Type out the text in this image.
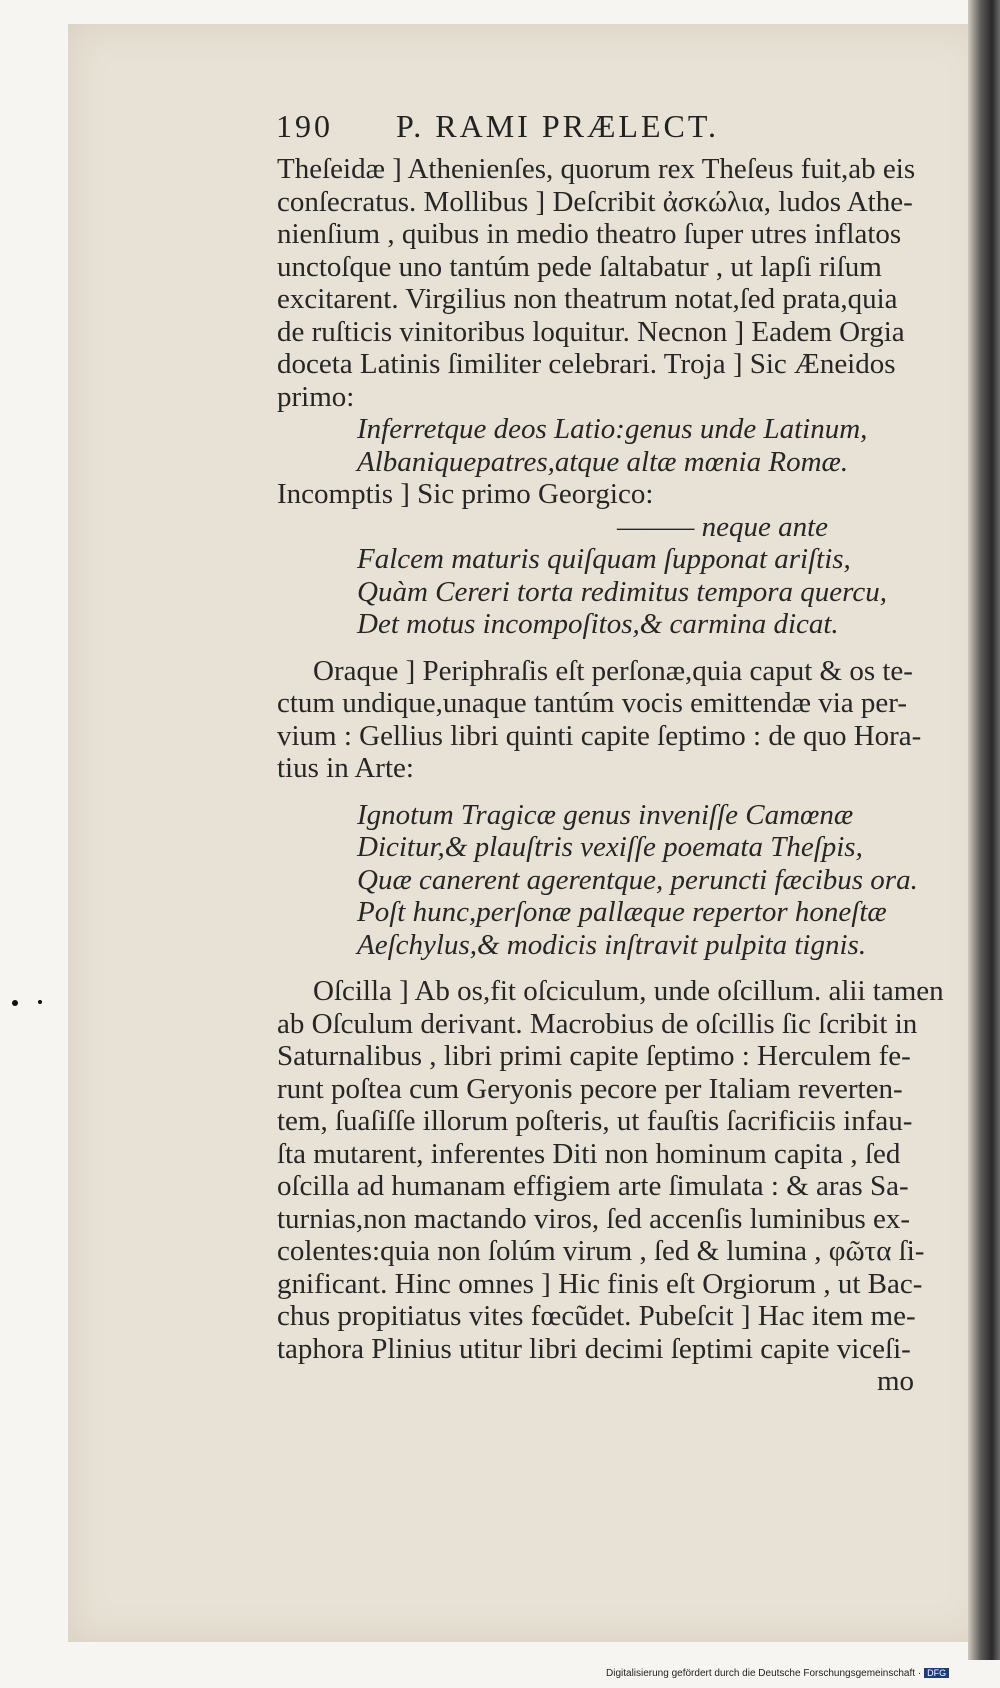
190 P. RAMI PRÆLECT.
Theſeidæ ] Athenienſes, quorum rex Theſeus fuit,ab eis
conſecratus. Mollibus ] Deſcribit ἀσκώλια, ludos Athe-
nienſium , quibus in medio theatro ſuper utres inflatos
unctoſque uno tantúm pede ſaltabatur , ut lapſi riſum
excitarent. Virgilius non theatrum notat,ſed prata,quia
de ruſticis vinitoribus loquitur. Necnon ] Eadem Orgia
doceta Latinis ſimiliter celebrari. Troja ] Sic Æneidos
primo:
Inferretque deos Latio:genus unde Latinum,
Albaniquepatres,atque altæ mœnia Romæ.
Incomptis ] Sic primo Georgico:
——— neque ante
Falcem maturis quiſquam ſupponat ariſtis,
Quàm Cereri torta redimitus tempora quercu,
Det motus incompoſitos,& carmina dicat.
Oraque ] Periphraſis eſt perſonæ,quia caput & os te-
ctum undique,unaque tantúm vocis emittendæ via per-
vium : Gellius libri quinti capite ſeptimo : de quo Hora-
tius in Arte:
Ignotum Tragicæ genus inveniſſe Camœnæ
Dicitur,& plauſtris vexiſſe poemata Theſpis,
Quæ canerent agerentque, peruncti fæcibus ora.
Poſt hunc,perſonæ pallæque repertor honeſtæ
Aeſchylus,& modicis inſtravit pulpita tignis.
Oſcilla ] Ab os,fit oſciculum, unde oſcillum. alii tamen
ab Oſculum derivant. Macrobius de oſcillis ſic ſcribit in
Saturnalibus , libri primi capite ſeptimo : Herculem fe-
runt poſtea cum Geryonis pecore per Italiam reverten-
tem, ſuaſiſſe illorum poſteris, ut fauſtis ſacrificiis infau-
ſta mutarent, inferentes Diti non hominum capita , ſed
oſcilla ad humanam effigiem arte ſimulata : & aras Sa-
turnias,non mactando viros, ſed accenſis luminibus ex-
colentes:quia non ſolúm virum , ſed & lumina , φῶτα ſi-
gnificant. Hinc omnes ] Hic finis eſt Orgiorum , ut Bac-
chus propitiatus vites fœcũdet. Pubeſcit ] Hac item me-
taphora Plinius utitur libri decimi ſeptimi capite viceſi-
mo
Digitalisierung gefördert durch die Deutsche Forschungsgemeinschaft · DFG
